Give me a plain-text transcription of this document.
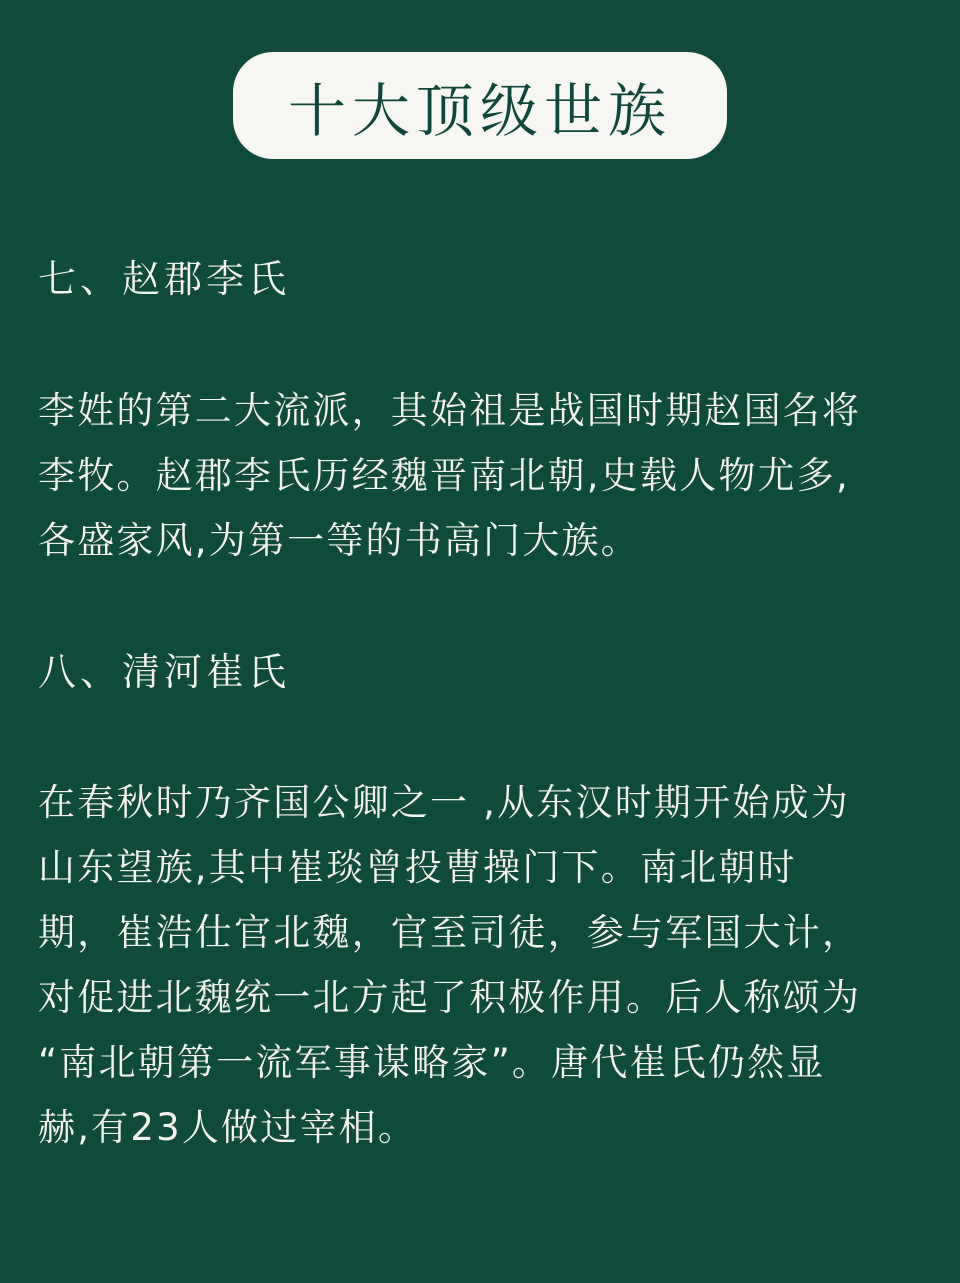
十大顶级世族
七、赵郡李氏
李姓的第二大流派，其始祖是战国时期赵国名将
李牧。赵郡李氏历经魏晋南北朝,史载人物尤多,
各盛家风,为第一等的书高门大族。
八、清河崔氏
在春秋时乃齐国公卿之一 ,从东汉时期开始成为
山东望族,其中崔琰曾投曹操门下。南北朝时
期，崔浩仕官北魏，官至司徒，参与军国大计，
对促进北魏统一北方起了积极作用。后人称颂为
“南北朝第一流军事谋略家”。唐代崔氏仍然显
赫,有23人做过宰相。
